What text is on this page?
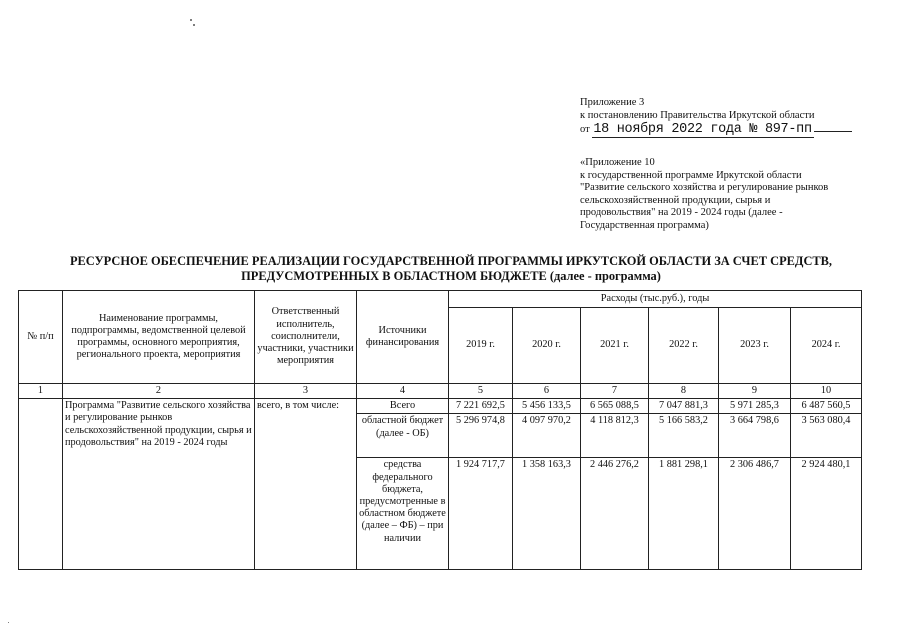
Приложение 3
к постановлению Правительства Иркутской области
от 18 ноября 2022 года № 897-пп
«Приложение 10
к государственной программе Иркутской области
"Развитие сельского хозяйства и регулирование рынков
сельскохозяйственной продукции, сырья и
продовольствия" на 2019 - 2024 годы (далее -
Государственная программа)
РЕСУРСНОЕ ОБЕСПЕЧЕНИЕ РЕАЛИЗАЦИИ ГОСУДАРСТВЕННОЙ ПРОГРАММЫ ИРКУТСКОЙ ОБЛАСТИ ЗА СЧЕТ СРЕДСТВ,
ПРЕДУСМОТРЕННЫХ В ОБЛАСТНОМ БЮДЖЕТЕ (далее - программа)
№ п/п	Наименование программы, подпрограммы, ведомственной целевой программы, основного мероприятия, регионального проекта, мероприятия	Ответственный исполнитель, соисполнители, участники, участники мероприятия	Источники финансирования	Расходы (тыс.руб.), годы					
				2019 г.	2020 г.	2021 г.	2022 г.	2023 г.	2024 г.
1	2	3	4	5	6	7	8	9	10
	Программа "Развитие сельского хозяйства и регулирование рынков сельскохозяйственной продукции, сырья и продовольствия" на 2019 - 2024 годы	всего, в том числе:	Всего	7 221 692,5	5 456 133,5	6 565 088,5	7 047 881,3	5 971 285,3	6 487 560,5
			областной бюджет (далее - ОБ)	5 296 974,8	4 097 970,2	4 118 812,3	5 166 583,2	3 664 798,6	3 563 080,4
			средства федерального бюджета, предусмотренные в областном бюджете (далее – ФБ) – при наличии	1 924 717,7	1 358 163,3	2 446 276,2	1 881 298,1	2 306 486,7	2 924 480,1
